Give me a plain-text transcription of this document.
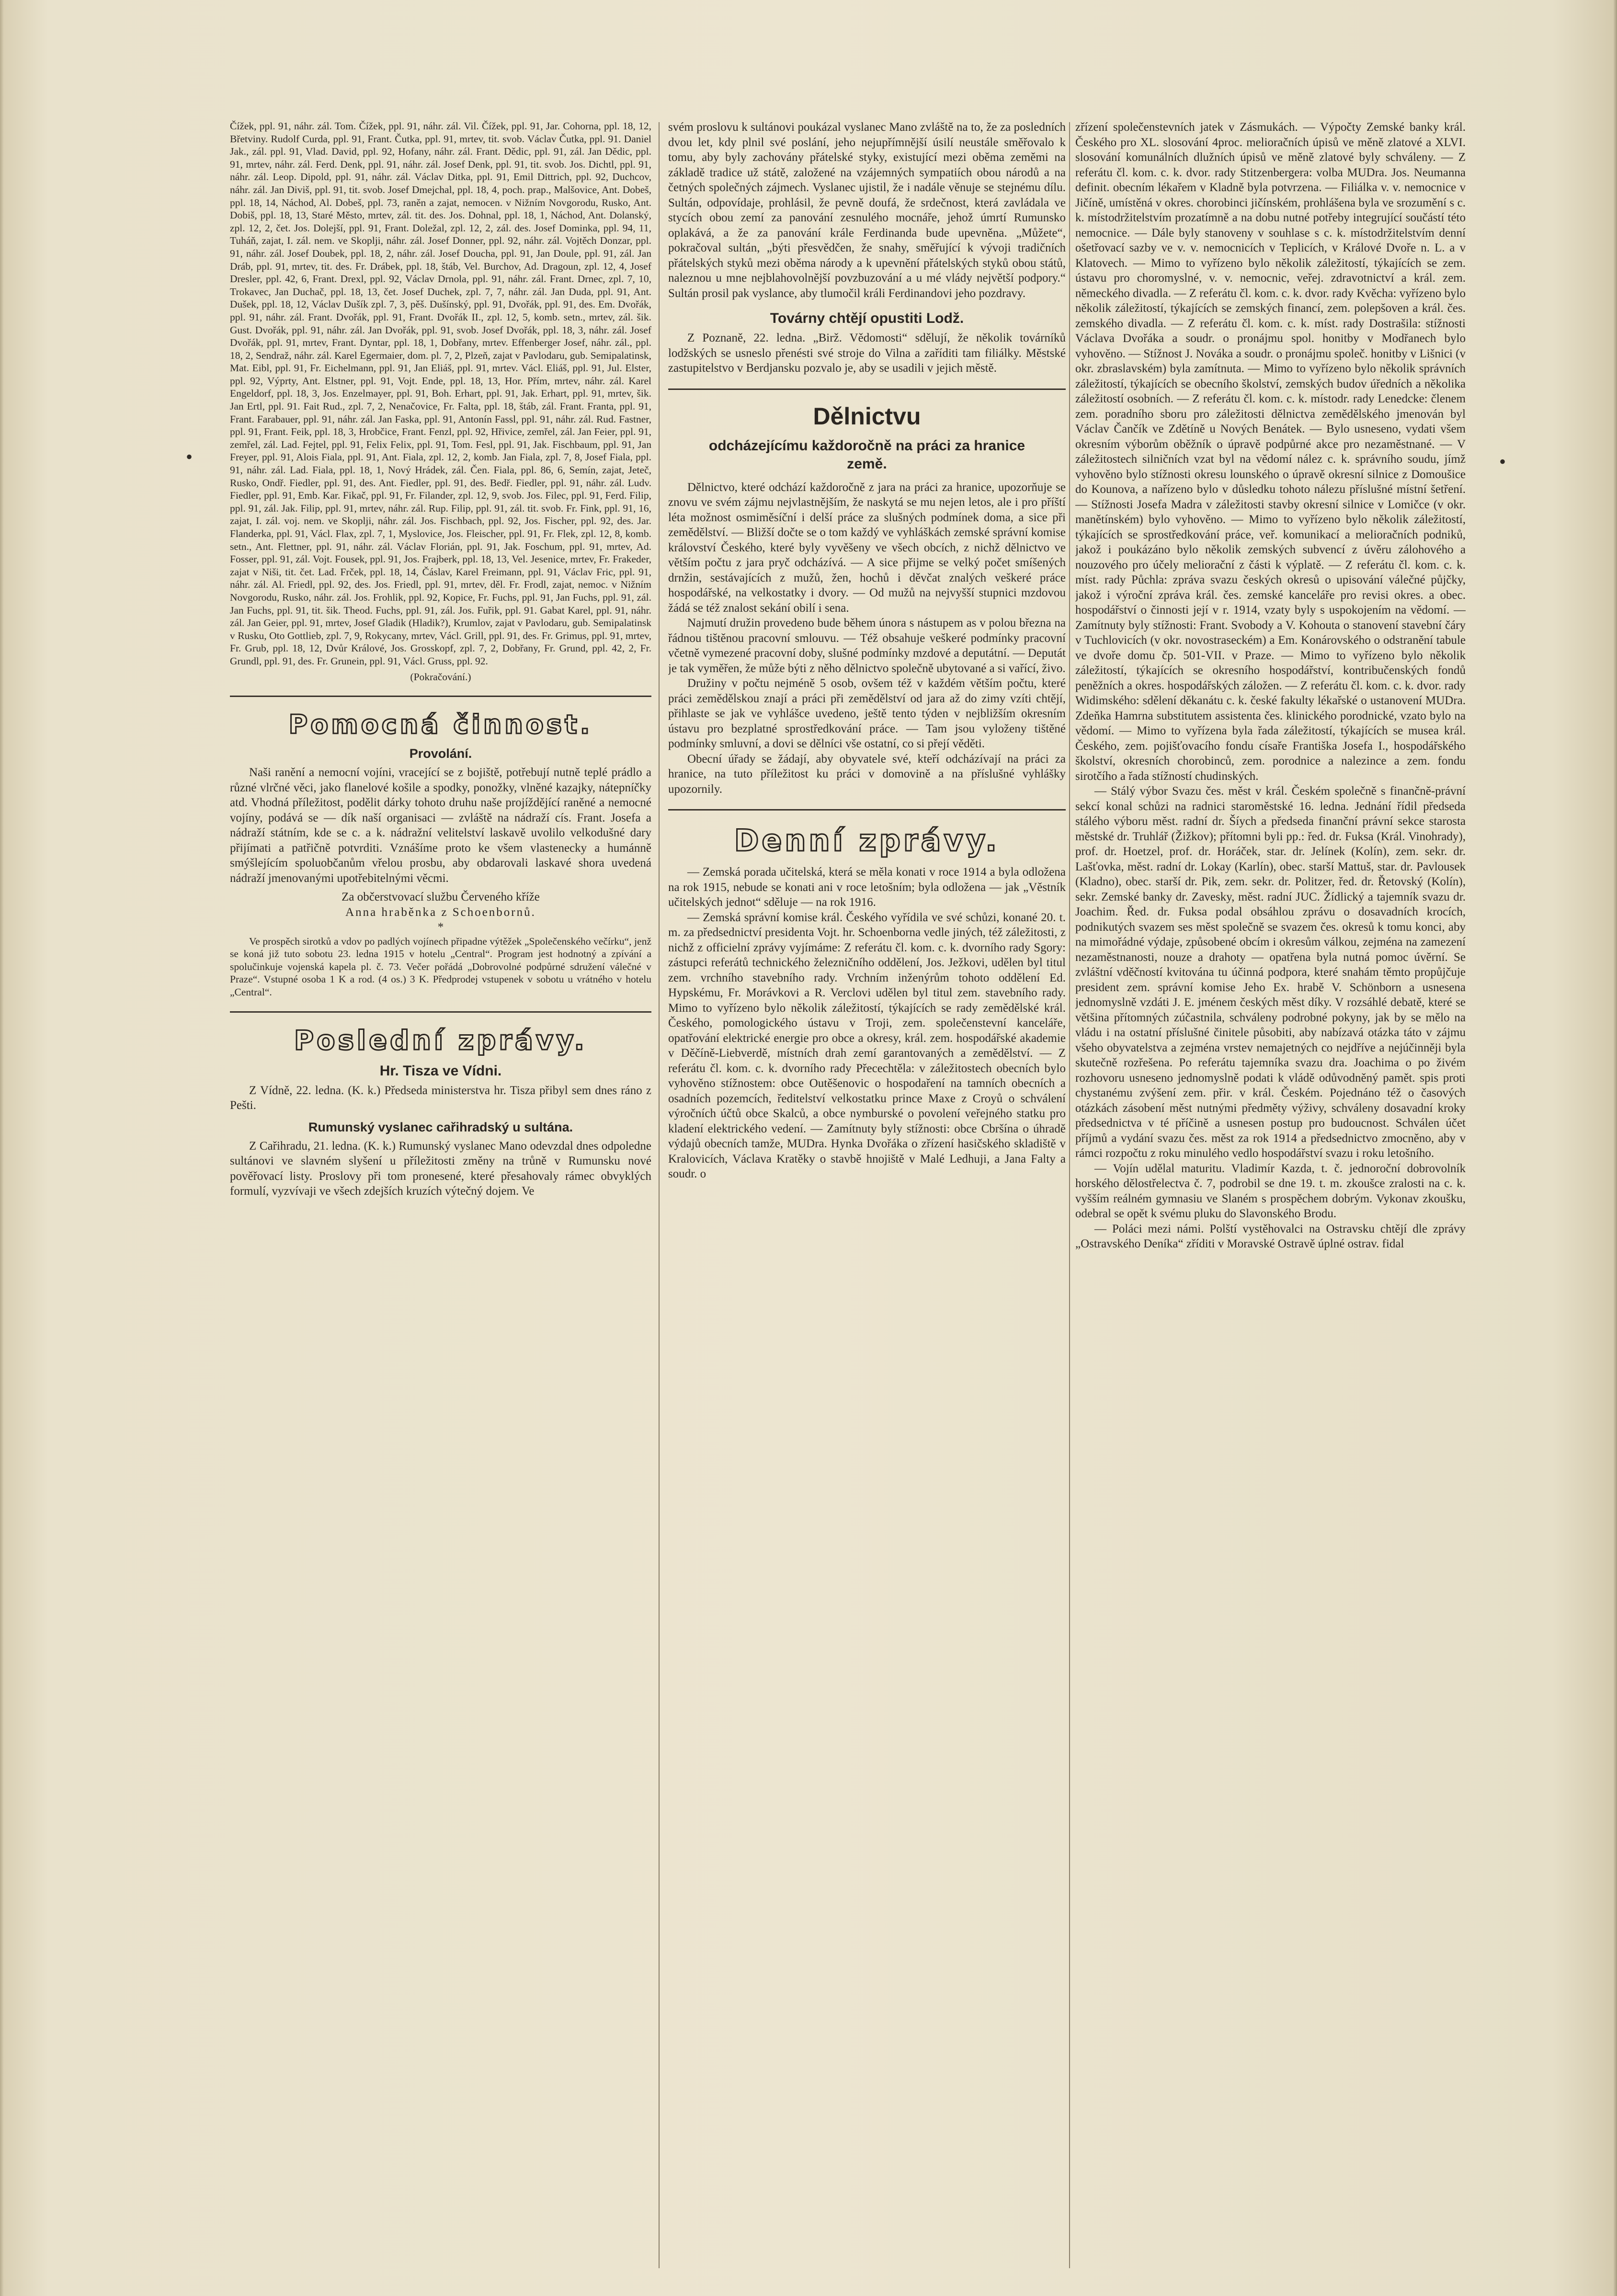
•	•

Čížek, ppl. 91, náhr. zál. Tom. Čížek, ppl. 91, náhr. zál. Vil. Čížek, ppl. 91, Jar. Cohorna, ppl. 18, 12, Břetviny. Rudolf Curda, ppl. 91, Frant. Čutka, ppl. 91, mrtev, tit. svob. Václav Čutka, ppl. 91. Daniel Jak., zál. ppl. 91, Vlad. David, ppl. 92, Hofany, náhr. zál. Frant. Dědic, ppl. 91, zál. Jan Dědic, ppl. 91, mrtev, náhr. zál. Ferd. Denk, ppl. 91, náhr. zál. Josef Denk, ppl. 91, tit. svob. Jos. Dichtl, ppl. 91, náhr. zál. Leop. Dipold, ppl. 91, náhr. zál. Václav Ditka, ppl. 91, Emil Dittrich, ppl. 92, Duchcov, náhr. zál. Jan Diviš, ppl. 91, tit. svob. Josef Dmejchal, ppl. 18, 4, poch. prap., Malšovice, Ant. Dobeš, ppl. 18, 14, Náchod, Al. Dobeš, ppl. 73, raněn a zajat, nemocen. v Nižním Novgorodu, Rusko, Ant. Dobiš, ppl. 18, 13, Staré Město, mrtev, zál. tit. des. Jos. Dohnal, ppl. 18, 1, Náchod, Ant. Dolanský, zpl. 12, 2, čet. Jos. Dolejší, ppl. 91, Frant. Doležal, zpl. 12, 2, zál. des. Josef Dominka, ppl. 94, 11, Tuháň, zajat, I. zál. nem. ve Skoplji, náhr. zál. Josef Donner, ppl. 92, náhr. zál. Vojtěch Donzar, ppl. 91, náhr. zál. Josef Doubek, ppl. 18, 2, náhr. zál. Josef Doucha, ppl. 91, Jan Doule, ppl. 91, zál. Jan Dráb, ppl. 91, mrtev, tit. des. Fr. Drábek, ppl. 18, štáb, Vel. Burchov, Ad. Dragoun, zpl. 12, 4, Josef Dresler, ppl. 42, 6, Frant. Drexl, ppl. 92, Václav Drnola, ppl. 91, náhr. zál. Frant. Drnec, zpl. 7, 10, Trokavec, Jan Duchač, ppl. 18, 13, čet. Josef Duchek, zpl. 7, 7, náhr. zál. Jan Duda, ppl. 91, Ant. Dušek, ppl. 18, 12, Václav Dušík zpl. 7, 3, pěš. Dušínský, ppl. 91, Dvořák, ppl. 91, des. Em. Dvořák, ppl. 91, náhr. zál. Frant. Dvořák, ppl. 91, Frant. Dvořák II., zpl. 12, 5, komb. setn., mrtev, zál. šik. Gust. Dvořák, ppl. 91, náhr. zál. Jan Dvořák, ppl. 91, svob. Josef Dvořák, ppl. 18, 3, náhr. zál. Josef Dvořák, ppl. 91, mrtev, Frant. Dyntar, ppl. 18, 1, Dobřany, mrtev. Effenberger Josef, náhr. zál., ppl. 18, 2, Sendraž, náhr. zál. Karel Egermaier, dom. pl. 7, 2, Plzeň, zajat v Pavlodaru, gub. Semipalatinsk, Mat. Eibl, ppl. 91, Fr. Eichelmann, ppl. 91, Jan Eliáš, ppl. 91, mrtev. Václ. Eliáš, ppl. 91, Jul. Elster, ppl. 92, Výprty, Ant. Elstner, ppl. 91, Vojt. Ende, ppl. 18, 13, Hor. Přím, mrtev, náhr. zál. Karel Engeldorf, ppl. 18, 3, Jos. Enzelmayer, ppl. 91, Boh. Erhart, ppl. 91, Jak. Erhart, ppl. 91, mrtev, šik. Jan Ertl, ppl. 91. Fait Rud., zpl. 7, 2, Nenačovice, Fr. Falta, ppl. 18, štáb, zál. Frant. Franta, ppl. 91, Frant. Farabauer, ppl. 91, náhr. zál. Jan Faska, ppl. 91, Antonín Fassl, ppl. 91, náhr. zál. Rud. Fastner, ppl. 91, Frant. Feik, ppl. 18, 3, Hrobčice, Frant. Fenzl, ppl. 92, Hřivice, zemřel, zál. Jan Feier, ppl. 91, zemřel, zál. Lad. Fejtel, ppl. 91, Felix Felix, ppl. 91, Tom. Fesl, ppl. 91, Jak. Fischbaum, ppl. 91, Jan Freyer, ppl. 91, Alois Fiala, ppl. 91, Ant. Fiala, zpl. 12, 2, komb. Jan Fiala, zpl. 7, 8, Josef Fiala, ppl. 91, náhr. zál. Lad. Fiala, ppl. 18, 1, Nový Hrádek, zál. Čen. Fiala, ppl. 86, 6, Semín, zajat, Jeteč, Rusko, Ondř. Fiedler, ppl. 91, des. Ant. Fiedler, ppl. 91, des. Bedř. Fiedler, ppl. 91, náhr. zál. Ludv. Fiedler, ppl. 91, Emb. Kar. Fikač, ppl. 91, Fr. Filander, zpl. 12, 9, svob. Jos. Filec, ppl. 91, Ferd. Filip, ppl. 91, zál. Jak. Filip, ppl. 91, mrtev, náhr. zál. Rup. Filip, ppl. 91, zál. tit. svob. Fr. Fink, ppl. 91, 16, zajat, I. zál. voj. nem. ve Skoplji, náhr. zál. Jos. Fischbach, ppl. 92, Jos. Fischer, ppl. 92, des. Jar. Flanderka, ppl. 91, Václ. Flax, zpl. 7, 1, Myslovice, Jos. Fleischer, ppl. 91, Fr. Flek, zpl. 12, 8, komb. setn., Ant. Flettner, ppl. 91, náhr. zál. Václav Florián, ppl. 91, Jak. Foschum, ppl. 91, mrtev, Ad. Fosser, ppl. 91, zál. Vojt. Fousek, ppl. 91, Jos. Frajberk, ppl. 18, 13, Vel. Jesenice, mrtev, Fr. Frakeder, zajat v Niši, tit. čet. Lad. Frček, ppl. 18, 14, Čáslav, Karel Freimann, ppl. 91, Václav Fric, ppl. 91, náhr. zál. Al. Friedl, ppl. 92, des. Jos. Friedl, ppl. 91, mrtev, děl. Fr. Frodl, zajat, nemoc. v Nižním Novgorodu, Rusko, náhr. zál. Jos. Frohlik, ppl. 92, Kopice, Fr. Fuchs, ppl. 91, Jan Fuchs, ppl. 91, zál. Jan Fuchs, ppl. 91, tit. šik. Theod. Fuchs, ppl. 91, zál. Jos. Fuřik, ppl. 91. Gabat Karel, ppl. 91, náhr. zál. Jan Geier, ppl. 91, mrtev, Josef Gladik (Hladik?), Krumlov, zajat v Pavlodaru, gub. Semipalatinsk v Rusku, Oto Gottlieb, zpl. 7, 9, Rokycany, mrtev, Václ. Grill, ppl. 91, des. Fr. Grimus, ppl. 91, mrtev, Fr. Grub, ppl. 18, 12, Dvůr Králové, Jos. Grosskopf, zpl. 7, 2, Dobřany, Fr. Grund, ppl. 42, 2, Fr. Grundl, ppl. 91, des. Fr. Grunein, ppl. 91, Václ. Gruss, ppl. 92.

(Pokračování.)

Pomocná činnost.
Provolání.

Naši ranění a nemocní vojíni, vracející se z bojiště, potřebují nutně teplé prádlo a různé vlrčné věci, jako flanelové košile a spodky, ponožky, vlněné kazajky, nátepníčky atd. Vhodná příležitost, podělit dárky tohoto druhu naše projíždějící raněné a nemocné vojíny, podává se — dík naší organisaci — zvláště na nádraží cís. Frant. Josefa a nádraží státním, kde se c. a k. nádražní velitelství laskavě uvolilo velkodušné dary přijímati a patřičně potvrditi. Vznášíme proto ke všem vlastenecky a humánně smýšlejícím spoluobčanům vřelou prosbu, aby obdarovali laskavé shora uvedená nádraží jmenovanými upotřebitelnými věcmi.

Za občerstvovací službu Červeného kříže

Anna hraběnka z Schoenbornů.

*

Ve prospěch sirotků a vdov po padlých vojínech připadne výtěžek „Společenského večírku“, jenž se koná již tuto sobotu 23. ledna 1915 v hotelu „Central“. Program jest hodnotný a zpívání a spolučinkuje vojenská kapela pl. č. 73. Večer pořádá „Dobrovolné podpůrné sdružení válečné v Praze“. Vstupné osoba 1 K a rod. (4 os.) 3 K. Předprodej vstupenek v sobotu u vrátného v hotelu „Central“.

Poslední zprávy.
Hr. Tisza ve Vídni.

Z Vídně, 22. ledna. (K. k.) Předseda ministerstva hr. Tisza přibyl sem dnes ráno z Pešti.

Rumunský vyslanec cařihradský u sultána.

Z Cařihradu, 21. ledna. (K. k.) Rumunský vyslanec Mano odevzdal dnes odpoledne sultánovi ve slavném slyšení u příležitosti změny na trůně v Rumunsku nové pověřovací listy. Proslovy při tom pronesené, které přesahovaly rámec obvyklých formulí, vyzvívaji ve všech zdejších kruzích výtečný dojem. Ve

svém proslovu k sultánovi poukázal vyslanec Mano zvláště na to, že za posledních dvou let, kdy plnil své poslání, jeho nejupřímnější úsilí neustále směřovalo k tomu, aby byly zachovány přátelské styky, existující mezi oběma zeměmi na základě tradice už státě, založené na vzájemných sympatiích obou národů a na četných společných zájmech. Vyslanec ujistil, že i nadále věnuje se stejnému dílu. Sultán, odpovídaje, prohlásil, že pevně doufá, že srdečnost, která zavládala ve stycích obou zemí za panování zesnulého mocnáře, jehož úmrtí Rumunsko oplakává, a že za panování krále Ferdinanda bude upevněna. „Můžete“, pokračoval sultán, „býti přesvědčen, že snahy, směřující k vývoji tradičních přátelských styků mezi oběma národy a k upevnění přátelských styků obou států, naleznou u mne nejblahovolnější povzbuzování a u mé vlády největší podpory.“ Sultán prosil pak vyslance, aby tlumočil králi Ferdinandovi jeho pozdravy.

Továrny chtějí opustiti Lodž.

Z Poznaně, 22. ledna. „Birž. Vědomosti“ sdělují, že několik továrníků lodžských se usneslo přenésti své stroje do Vilna a zaříditi tam filiálky. Městské zastupitelstvo v Berdjansku pozvalo je, aby se usadili v jejich městě.

Dělnictvu
odcházejícímu každoročně na práci za hranice země.

Dělnictvo, které odchází každoročně z jara na práci za hranice, upozorňuje se znovu ve svém zájmu nejvlastnějším, že naskytá se mu nejen letos, ale i pro příští léta možnost osmiměsíční i delší práce za slušných podmínek doma, a sice při zemědělství. — Bližší dočte se o tom každý ve vyhláškách zemské správní komise království Českého, které byly vyvěšeny ve všech obcích, z nichž dělnictvo ve větším počtu z jara pryč odcházívá. — A sice přijme se velký počet smíšených drnžin, sestávajících z mužů, žen, hochů i děvčat znalých veškeré práce hospodářské, na velkostatky i dvory. — Od mužů na nejvyšší stupnici mzdovou žádá se též znalost sekání obilí i sena.

Najmutí družin provedeno bude během února s nástupem as v polou března na řádnou tištěnou pracovní smlouvu. — Též obsahuje veškeré podmínky pracovní včetně vymezené pracovní doby, slušné podmínky mzdové a deputátní. — Deputát je tak vyměřen, že může býti z něho dělnictvo společně ubytované a si vařící, živo.

Družiny v počtu nejméně 5 osob, ovšem též v každém větším počtu, které práci zemědělskou znají a práci při zemědělství od jara až do zimy vzíti chtějí, přihlaste se jak ve vyhlášce uvedeno, ještě tento týden v nejbližším okresním ústavu pro bezplatné sprostředkování práce. — Tam jsou vyloženy tištěné podmínky smluvní, a dovi se dělníci vše ostatní, co si přejí věděti.

Obecní úřady se žádají, aby obyvatele své, kteří odcházívají na práci za hranice, na tuto příležitost ku práci v domovině a na příslušné vyhlášky upozornily.

Denní zprávy.

— Zemská porada učitelská, která se měla konati v roce 1914 a byla odložena na rok 1915, nebude se konati ani v roce letošním; byla odložena — jak „Věstník učitelských jednot“ sděluje — na rok 1916.

— Zemská správní komise král. Českého vyřídila ve své schůzi, konané 20. t. m. za předsednictví presidenta Vojt. hr. Schoenborna vedle jiných, též záležitosti, z nichž z officielní zprávy vyjímáme: Z referátu čl. kom. c. k. dvorního rady Sgory: zástupci referátů technického železničního oddělení, Jos. Ježkovi, udělen byl titul zem. vrchního stavebního rady. Vrchním inženýrům tohoto oddělení Ed. Hypskému, Fr. Morávkovi a R. Verclovi udělen byl titul zem. stavebního rady. Mimo to vyřízeno bylo několik záležitostí, týkajících se rady zemědělské král. Českého, pomologického ústavu v Troji, zem. společenstevní kanceláře, opatřování elektrické energie pro obce a okresy, král. zem. hospodářské akademie v Děčíně-Liebverdě, místních drah zemí garantovaných a zemědělství. — Z referátu čl. kom. c. k. dvorního rady Přecechtěla: v záležitostech obecních bylo vyhověno stížnostem: obce Outěšenovic o hospodaření na tamních obecních a osadních pozemcích, ředitelství velkostatku prince Maxe z Croyů o schválení výročních účtů obce Skalců, a obce nymburské o povolení veřejného statku pro kladení elektrického vedení. — Zamítnuty byly stížnosti: obce Cbršína o úhradě výdajů obecních tamže, MUDra. Hynka Dvořáka o zřízení hasičského skladiště v Kralovicích, Václava Kratěky o stavbě hnojiště v Malé Ledhuji, a Jana Falty a soudr. o

zřízení společenstevních jatek v Zásmukách. — Výpočty Zemské banky král. Českého pro XL. slosování 4proc. melioračních úpisů ve měně zlatové a XLVI. slosování komunálních dlužních úpisů ve měně zlatové byly schváleny. — Z referátu čl. kom. c. k. dvor. rady Stitzenbergera: volba MUDra. Jos. Neumanna definit. obecním lékařem v Kladně byla potvrzena. — Filiálka v. v. nemocnice v Jičíně, umístěná v okres. chorobinci jičínském, prohlášena byla ve srozumění s c. k. místodržitelstvím prozatímně a na dobu nutné potřeby integrující součástí této nemocnice. — Dále byly stanoveny v souhlase s c. k. místodržitelstvím denní ošetřovací sazby ve v. v. nemocnicích v Teplicích, v Králové Dvoře n. L. a v Klatovech. — Mimo to vyřízeno bylo několik záležitostí, týkajících se zem. ústavu pro choromyslné, v. v. nemocnic, veřej. zdravotnictví a král. zem. německého divadla. — Z referátu čl. kom. c. k. dvor. rady Kvěcha: vyřízeno bylo několik záležitostí, týkajících se zemských financí, zem. polepšoven a král. čes. zemského divadla. — Z referátu čl. kom. c. k. míst. rady Dostrašila: stížnosti Václava Dvořáka a soudr. o pronájmu spol. honitby v Modřanech bylo vyhověno. — Stížnost J. Nováka a soudr. o pronájmu společ. honitby v Lišnici (v okr. zbraslavském) byla zamítnuta. — Mimo to vyřízeno bylo několik správních záležitostí, týkajících se obecního školství, zemských budov úředních a několika záležitostí osobních. — Z referátu čl. kom. c. k. místodr. rady Lenedcke: členem zem. poradního sboru pro záležitosti dělnictva zemědělského jmenován byl Václav Čančík ve Zdětíně u Nových Benátek. — Bylo usneseno, vydati všem okresním výborům oběžník o úpravě podpůrné akce pro nezaměstnané. — V záležitostech silničních vzat byl na vědomí nález c. k. správního soudu, jímž vyhověno bylo stížnosti okresu lounského o úpravě okresní silnice z Domoušice do Kounova, a nařízeno bylo v důsledku tohoto nálezu příslušné místní šetření. — Stížnosti Josefa Madra v záležitosti stavby okresní silnice v Lomičce (v okr. manětínském) bylo vyhověno. — Mimo to vyřízeno bylo několik záležitostí, týkajících se sprostředkování práce, veř. komunikací a melioračních podniků, jakož i poukázáno bylo několik zemských subvencí z úvěru zálohového a nouzového pro účely meliorační z části k výplatě. — Z referátu čl. kom. c. k. míst. rady Půchla: zpráva svazu českých okresů o upisování válečné půjčky, jakož i výroční zpráva král. čes. zemské kanceláře pro revisi okres. a obec. hospodářství o činnosti její v r. 1914, vzaty byly s uspokojením na vědomí. — Zamítnuty byly stížnosti: Frant. Svobody a V. Kohouta o stanovení stavební čáry v Tuchlovicích (v okr. novostraseckém) a Em. Konárovského o odstranění tabule ve dvoře domu čp. 501-VII. v Praze. — Mimo to vyřízeno bylo několik záležitostí, týkajících se okresního hospodářství, kontribučenských fondů peněžních a okres. hospodářských záložen. — Z referátu čl. kom. c. k. dvor. rady Widimského: sdělení děkanátu c. k. české fakulty lékařské o ustanovení MUDra. Zdeňka Hamrna substitutem assistenta čes. klinického porodnické, vzato bylo na vědomí. — Mimo to vyřízena byla řada záležitostí, týkajících se musea král. Českého, zem. pojišťovacího fondu císaře Františka Josefa I., hospodářského školství, okresních chorobinců, zem. porodnice a nalezince a zem. fondu sirotčího a řada stížností chudinských.

— Stálý výbor Svazu čes. měst v král. Českém společně s finančně-právní sekcí konal schůzi na radnici staroměstské 16. ledna. Jednání řídil předseda stálého výboru měst. radní dr. Šíych a předseda finanční právní sekce starosta městské dr. Truhlář (Žižkov); přítomni byli pp.: řed. dr. Fuksa (Král. Vinohrady), prof. dr. Hoetzel, prof. dr. Horáček, star. dr. Jelínek (Kolín), zem. sekr. dr. Lašťovka, měst. radní dr. Lokay (Karlín), obec. starší Mattuš, star. dr. Pavlousek (Kladno), obec. starší dr. Pik, zem. sekr. dr. Politzer, řed. dr. Řetovský (Kolín), sekr. Zemské banky dr. Zavesky, měst. radní JUC. Žídlický a tajemník svazu dr. Joachim. Řed. dr. Fuksa podal obsáhlou zprávu o dosavadních krocích, podnikutých svazem ses měst společně se svazem čes. okresů k tomu konci, aby na mimořádné výdaje, způsobené obcím i okresům válkou, zejména na zamezení nezaměstnanosti, nouze a drahoty — opatřena byla nutná pomoc úvěrní. Se zvláštní vděčností kvitována tu účinná podpora, které snahám těmto propůjčuje president zem. správní komise Jeho Ex. hrabě V. Schönborn a usnesena jednomyslně vzdáti J. E. jménem českých měst díky. V rozsáhlé debatě, které se většina přítomných zúčastnila, schváleny podrobné pokyny, jak by se mělo na vládu i na ostatní příslušné činitele působiti, aby nabízavá otázka táto v zájmu všeho obyvatelstva a zejména vrstev nemajetných co nejdříve a nejúčinněji byla skutečně rozřešena. Po referátu tajemníka svazu dra. Joachima o po živém rozhovoru usneseno jednomyslně podati k vládě odůvodněný pamět. spis proti chystanému zvýšení zem. přir. v král. Českém. Pojednáno též o časových otázkách zásobení měst nutnými předměty výživy, schváleny dosavadní kroky předsednictva v té příčině a usnesen postup pro budoucnost. Schválen účet příjmů a vydání svazu čes. měst za rok 1914 a předsednictvo zmocněno, aby v rámci rozpočtu z roku minulého vedlo hospodářství svazu i roku letošního.

— Vojín udělal maturitu. Vladimír Kazda, t. č. jednoroční dobrovolník horského dělostřelectva č. 7, podrobil se dne 19. t. m. zkoušce zralosti na c. k. vyšším reálném gymnasiu ve Slaném s prospěchem dobrým. Vykonav zkoušku, odebral se opět k svému pluku do Slavonského Brodu.

— Poláci mezi námi. Polští vystěhovalci na Ostravsku chtějí dle zprávy „Ostravského Deníka“ zříditi v Moravské Ostravě úplné ostrav. fidal
